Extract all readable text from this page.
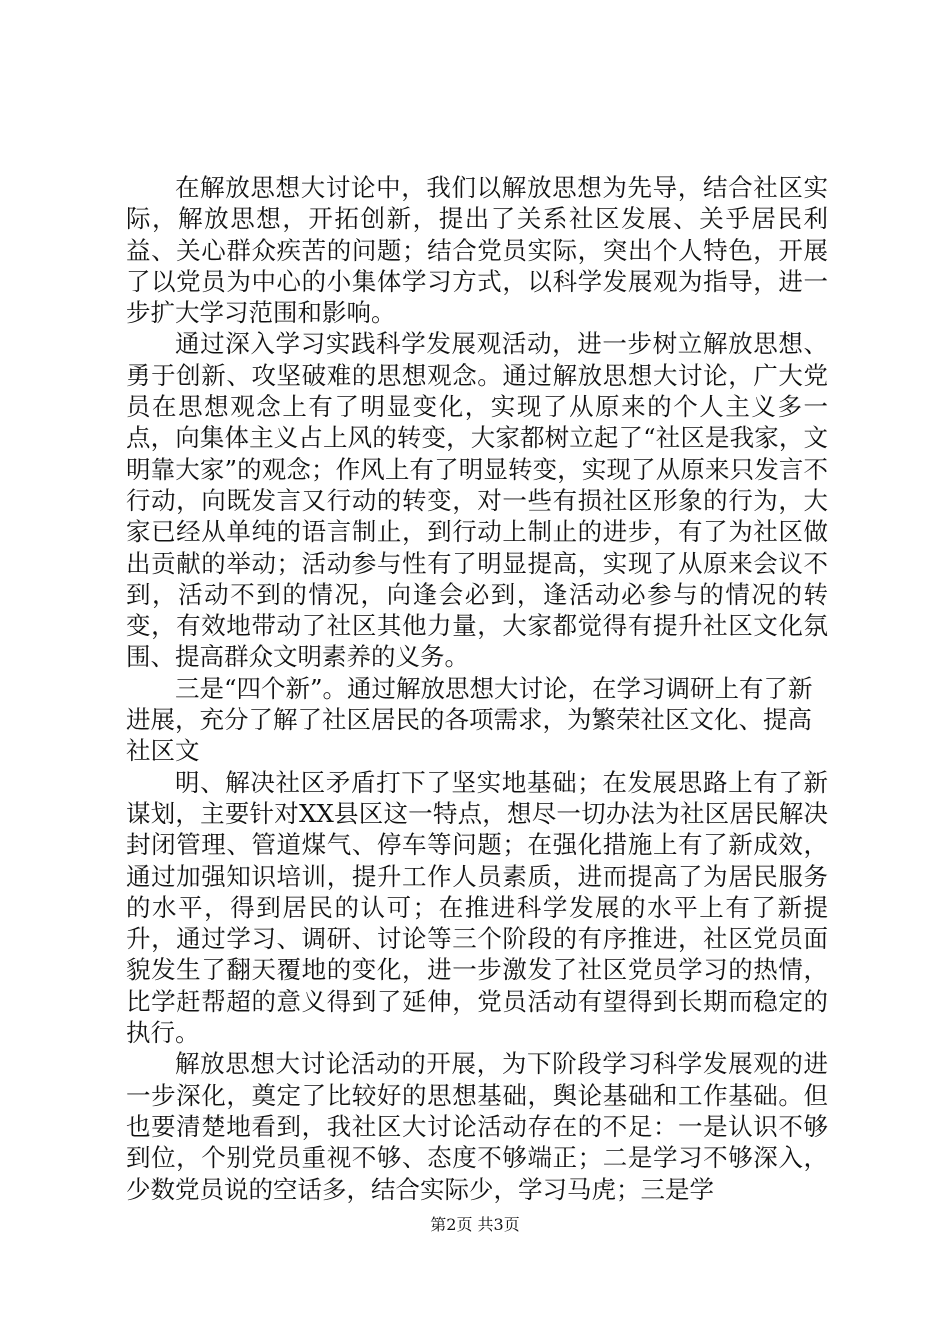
在解放思想大讨论中，我们以解放思想为先导，结合社区实际，解放思想，开拓创新，提出了关系社区发展、关乎居民利益、关心群众疾苦的问题；结合党员实际，突出个人特色，开展了以党员为中心的小集体学习方式，以科学发展观为指导，进一步扩大学习范围和影响。

通过深入学习实践科学发展观活动，进一步树立解放思想、勇于创新、攻坚破难的思想观念。通过解放思想大讨论，广大党员在思想观念上有了明显变化，实现了从原来的个人主义多一点，向集体主义占上风的转变，大家都树立起了“社区是我家，文明靠大家”的观念；作风上有了明显转变，实现了从原来只发言不行动，向既发言又行动的转变，对一些有损社区形象的行为，大家已经从单纯的语言制止，到行动上制止的进步，有了为社区做出贡献的举动；活动参与性有了明显提高，实现了从原来会议不到，活动不到的情况，向逢会必到，逢活动必参与的情况的转变，有效地带动了社区其他力量，大家都觉得有提升社区文化氛围、提高群众文明素养的义务。

三是“四个新”。通过解放思想大讨论，在学习调研上有了新进展，充分了解了社区居民的各项需求，为繁荣社区文化、提高社区文

明、解决社区矛盾打下了坚实地基础；在发展思路上有了新谋划，主要针对XX县区这一特点，想尽一切办法为社区居民解决封闭管理、管道煤气、停车等问题；在强化措施上有了新成效，通过加强知识培训，提升工作人员素质，进而提高了为居民服务的水平，得到居民的认可；在推进科学发展的水平上有了新提升，通过学习、调研、讨论等三个阶段的有序推进，社区党员面貌发生了翻天覆地的变化，进一步激发了社区党员学习的热情，比学赶帮超的意义得到了延伸，党员活动有望得到长期而稳定的执行。

解放思想大讨论活动的开展，为下阶段学习科学发展观的进一步深化，奠定了比较好的思想基础，舆论基础和工作基础。但也要清楚地看到，我社区大讨论活动存在的不足：一是认识不够到位，个别党员重视不够、态度不够端正；二是学习不够深入，少数党员说的空话多，结合实际少，学习马虎；三是学

第2页 共3页
